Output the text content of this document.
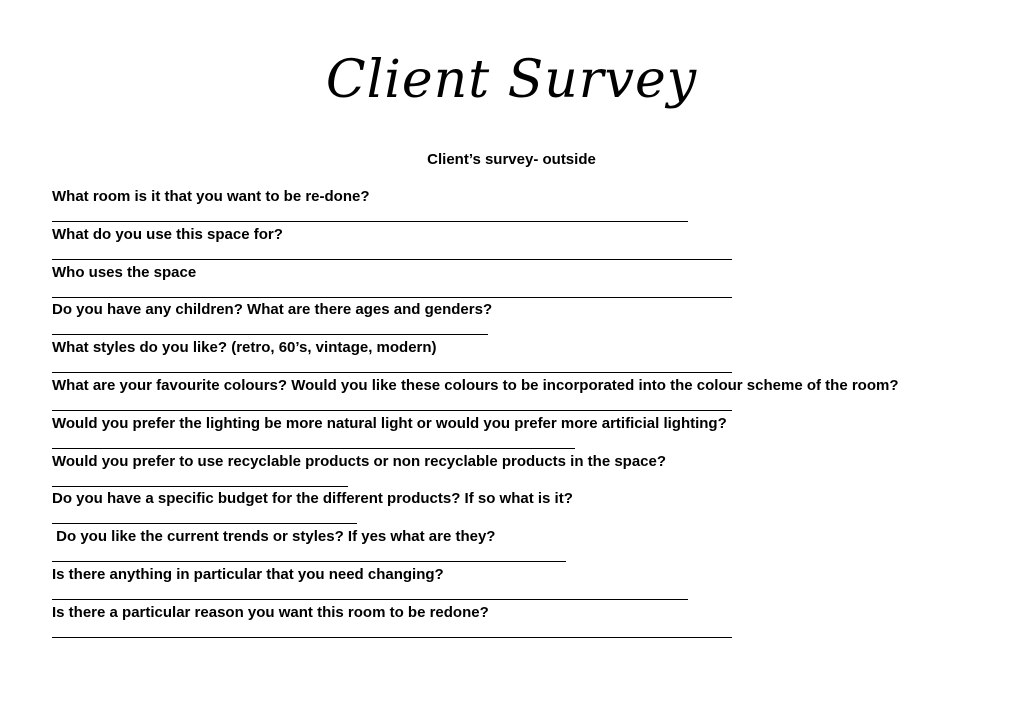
Client Survey
Client’s survey- outside
What room is it that you want to be re-done?
What do you use this space for?
Who uses the space
Do you have any children? What are there ages and genders?
What styles do you like? (retro, 60’s, vintage, modern)
What are your favourite colours? Would you like these colours to be incorporated into the colour scheme of the room?
Would you prefer the lighting be more natural light or would you prefer more artificial lighting?
Would you prefer to use recyclable products or non recyclable products in the space?
Do you have a specific budget for the different products? If so what is it?
Do you like the current trends or styles? If yes what are they?
Is there anything in particular that you need changing?
Is there a particular reason you want this room to be redone?
